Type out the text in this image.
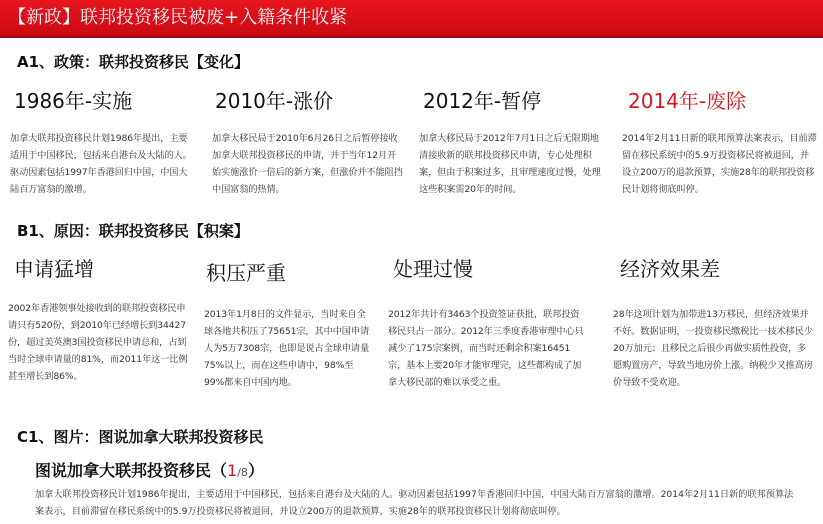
【新政】联邦投资移民被废+入籍条件收紧
A1、政策：联邦投资移民【变化】
1986年-实施	2010年-涨价	2012年-暂停	2014年-废除
加拿大联邦投资移民计划1986年提出，主要适用于中国移民，包括来自港台及大陆的人。驱动因素包括1997年香港回归中国，中国大陆百万富翁的激增。
加拿大移民局于2010年6月26日之后暂停接收加拿大联邦投资移民的申请，并于当年12月开始实施涨价一倍后的新方案，但涨价并不能阻挡中国富翁的热情。
加拿大移民局于2012年7月1日之后无限期地清接收新的联邦投资移民申请，专心处理积案，但由于积案过多，且审理速度过慢，处理这些积案需20年的时间。
2014年2月11日新的联邦预算法案表示，目前滞留在移民系统中的5.9万投资移民将被退回，并设立200万的退款预算，实施28年的联邦投资移民计划将彻底叫停。
B1、原因：联邦投资移民【积案】
申请猛增	积压严重	处理过慢	经济效果差
2002年香港领事处接收到的联邦投资移民申请只有520份，到2010年已经增长到34427份，超过美英澳3国投资移民申请总和，占到当时全球申请量的81%，而2011年这一比例甚至增长到86%。
2013年1月8日的文件显示，当时来自全球各地共积压了75651宗，其中中国申请人为5万7308宗，也即是说占全球申请量75%以上，而在这些申请中，98%至99%都来自中国内地。
2012年共计有3463个投资签证获批，联邦投资移民只占一部分。2012年三季度香港审理中心只减少了175宗案例，而当时还剩余积案16451宗，基本上要20年才能审理完，这些都构成了加拿大移民部的难以承受之重。
28年这项计划为加带进13万移民，但经济效果并不好。数据证明，一投资移民缴税比一技术移民少20万加元；且移民之后很少再做实质性投资，多愿购置房产，导致当地房价上涨。纳税少又推高房价导致不受欢迎。
C1、图片：图说加拿大联邦投资移民
图说加拿大联邦投资移民（1/8）
加拿大联邦投资移民计划1986年提出，主要适用于中国移民，包括来自港台及大陆的人。驱动因素包括1997年香港回归中国，中国大陆百万富翁的激增。2014年2月11日新的联邦预算法案表示，目前滞留在移民系统中的5.9万投资移民将被退回，并设立200万的退款预算，实施28年的联邦投资移民计划将彻底叫停。
